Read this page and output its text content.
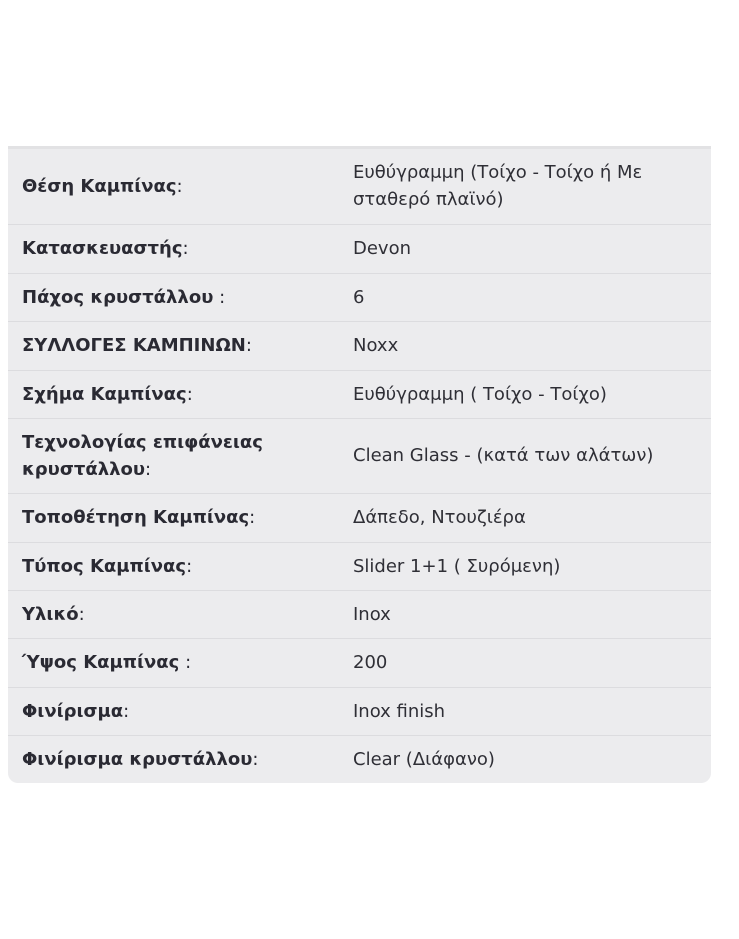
Θέση Καμπίνας:	Ευθύγραμμη (Τοίχο - Τοίχο ή Με σταθερό πλαϊνό)
Κατασκευαστής:	Devon
Πάχος κρυστάλλου :	6
ΣΥΛΛΟΓΕΣ ΚΑΜΠΙΝΩΝ:	Noxx
Σχήμα Καμπίνας:	Ευθύγραμμη ( Τοίχο - Τοίχο)
Τεχνολογίας επιφάνειας κρυστάλλου:	Clean Glass - (κατά των αλάτων)
Τοποθέτηση Καμπίνας:	Δάπεδο, Ντουζιέρα
Τύπος Καμπίνας:	Slider 1+1 ( Συρόμενη)
Υλικό:	Inox
Ύψος Καμπίνας :	200
Φινίρισμα:	Inox finish
Φινίρισμα κρυστάλλου:	Clear (Διάφανο)
